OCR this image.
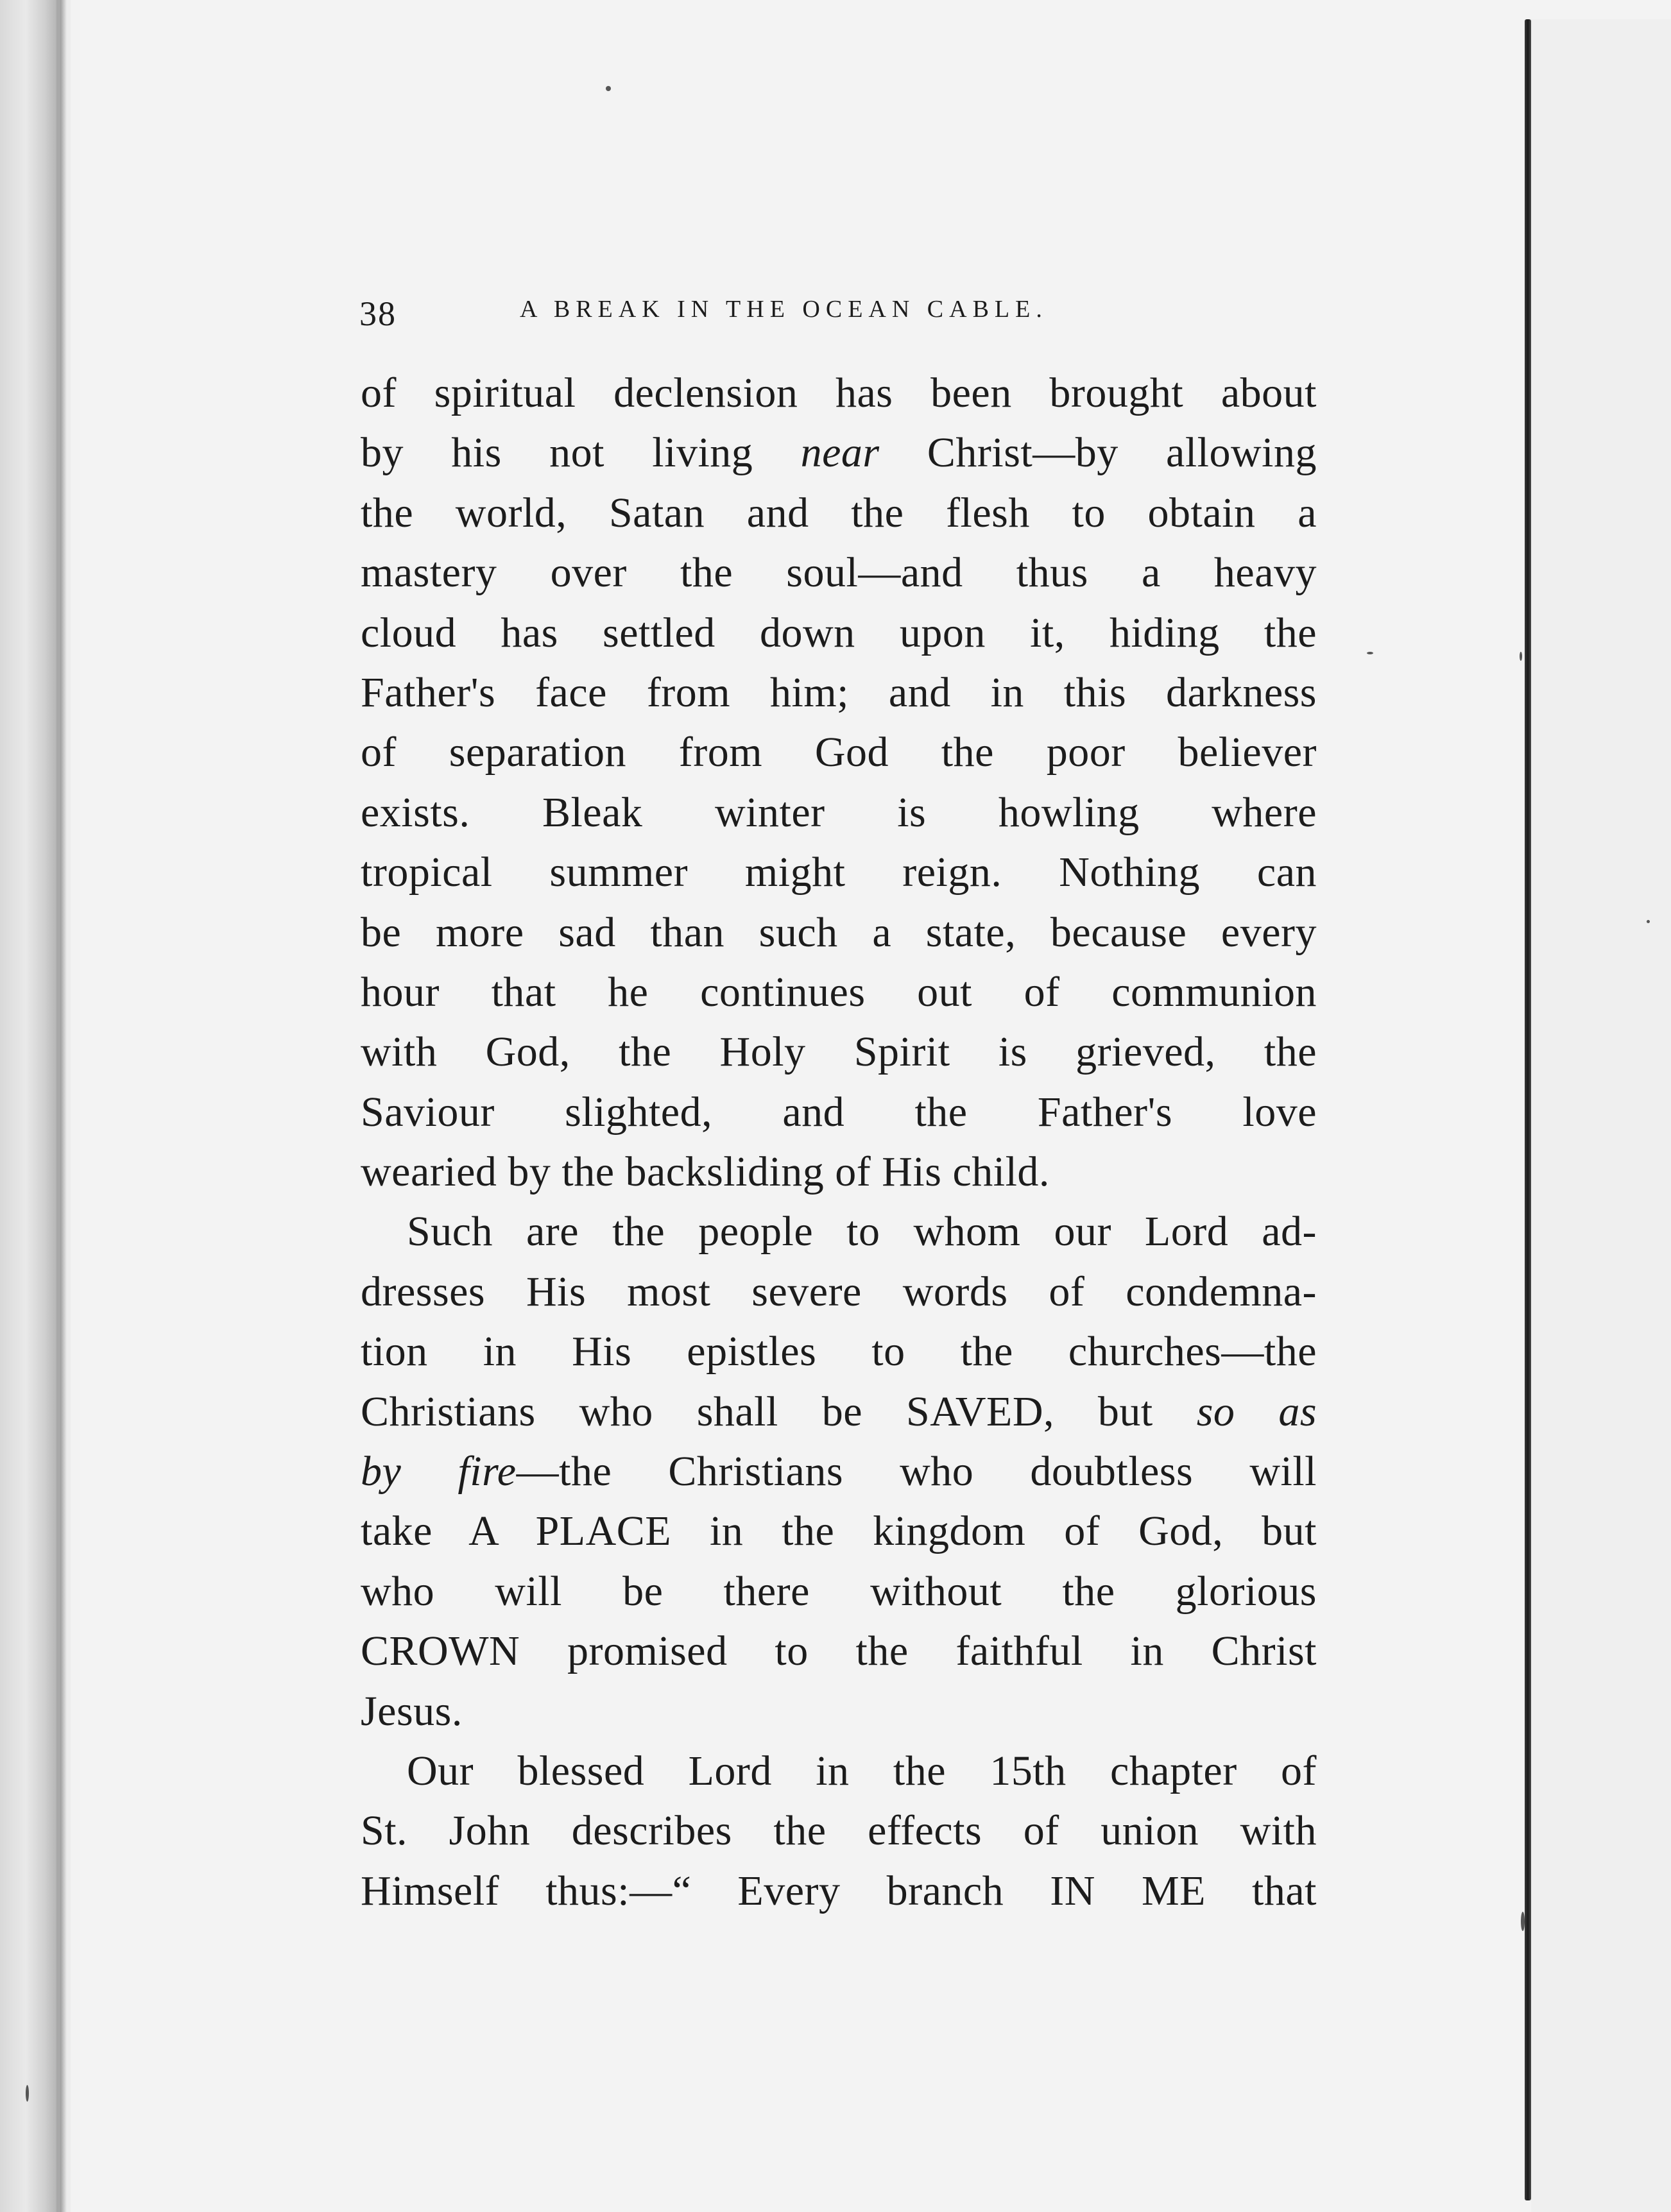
38	A BREAK IN THE OCEAN CABLE.
of spiritual declension has been brought about
by his not living near Christ—by allowing
the world, Satan and the flesh to obtain a
mastery over the soul—and thus a heavy
cloud has settled down upon it, hiding the
Father's face from him; and in this darkness
of separation from God the poor believer
exists. Bleak winter is howling where
tropical summer might reign. Nothing can
be more sad than such a state, because every
hour that he continues out of communion
with God, the Holy Spirit is grieved, the
Saviour slighted, and the Father's love
wearied by the backsliding of His child.
Such are the people to whom our Lord ad-
dresses His most severe words of condemna-
tion in His epistles to the churches—the
Christians who shall be SAVED, but so as
by fire—the Christians who doubtless will
take A PLACE in the kingdom of God, but
who will be there without the glorious
CROWN promised to the faithful in Christ
Jesus.
Our blessed Lord in the 15th chapter of
St. John describes the effects of union with
Himself thus:—“ Every branch IN ME that
